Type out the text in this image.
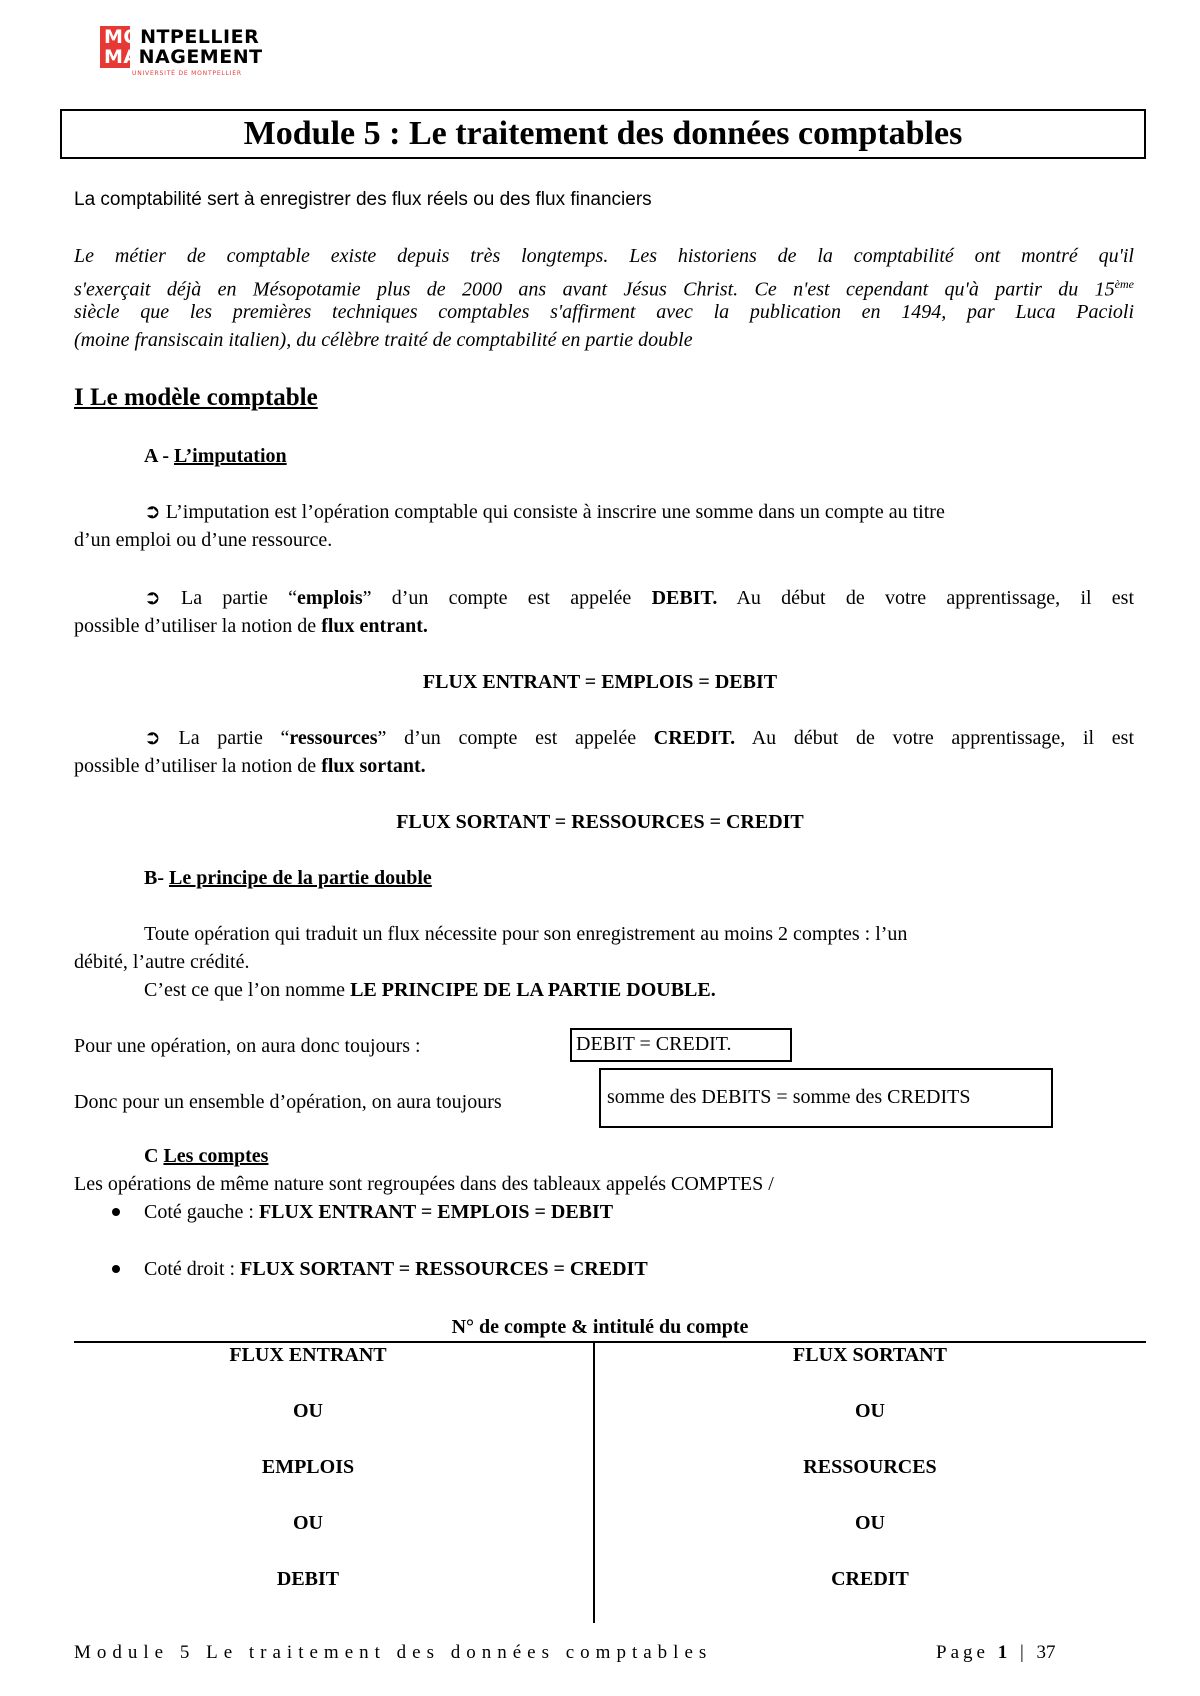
MONTPELLIER
MANAGEMENT
UNIVERSITÉ DE MONTPELLIER
Module 5 : Le traitement des données comptables
La comptabilité sert à enregistrer des flux réels ou des flux financiers
Le métier de comptable existe depuis très longtemps. Les historiens de la comptabilité ont montré qu'il
s'exerçait déjà en Mésopotamie plus de 2000 ans avant Jésus Christ. Ce n'est cependant qu'à partir du 15ème
siècle que les premières techniques comptables s'affirment avec la publication en 1494, par Luca Pacioli
(moine fransiscain italien), du célèbre traité de comptabilité en partie double
I Le modèle comptable
A - L’imputation
➲ L’imputation est l’opération comptable qui consiste à inscrire une somme dans un compte au titre
d’un emploi ou d’une ressource.
➲ La partie “emplois” d’un compte est appelée DEBIT. Au début de votre apprentissage, il est
possible d’utiliser la notion de flux entrant.
FLUX ENTRANT = EMPLOIS = DEBIT
➲ La partie “ressources” d’un compte est appelée CREDIT. Au début de votre apprentissage, il est
possible d’utiliser la notion de flux sortant.
FLUX SORTANT = RESSOURCES = CREDIT
B- Le principe de la partie double
Toute opération qui traduit un flux nécessite pour son enregistrement au moins 2 comptes : l’un
débité, l’autre crédité.
C’est ce que l’on nomme LE PRINCIPE DE LA PARTIE DOUBLE.
Pour une opération, on aura donc toujours :	DEBIT = CREDIT.
Donc pour un ensemble d’opération, on aura toujours	somme des DEBITS = somme des CREDITS
C Les comptes
Les opérations de même nature sont regroupées dans des tableaux appelés COMPTES /
Coté gauche : FLUX ENTRANT = EMPLOIS = DEBIT
Coté droit : FLUX SORTANT = RESSOURCES = CREDIT
N° de compte & intitulé du compte
FLUX ENTRANT
OU
EMPLOIS
OU
DEBIT
FLUX SORTANT
OU
RESSOURCES
OU
CREDIT
Module 5 Le traitement des données comptables	Page 1 | 37
